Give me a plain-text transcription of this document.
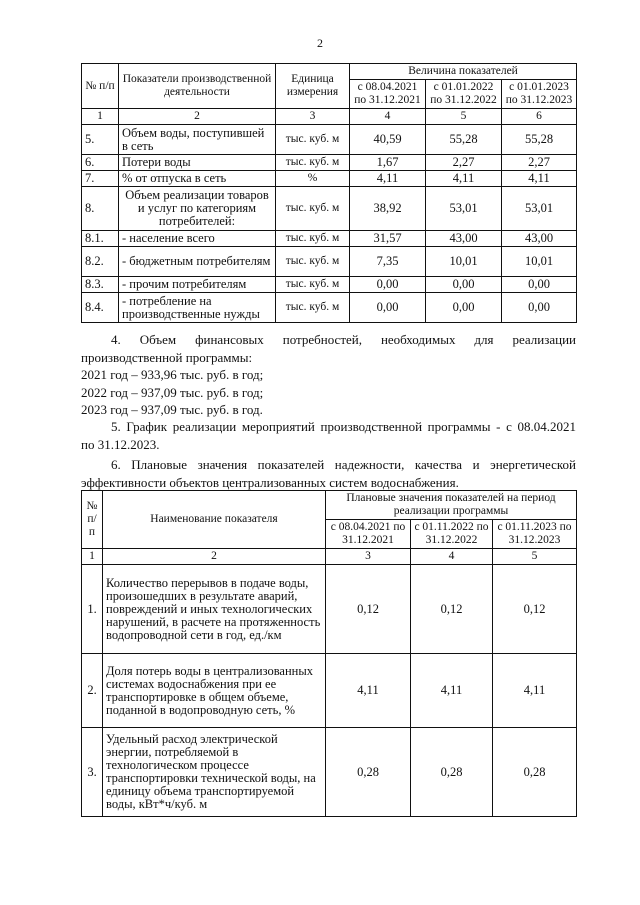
2
№ п/п	Показатели производственной деятельности	Единица измерения	Величина показателей		
			с 08.04.2021 по 31.12.2021	с 01.01.2022 по 31.12.2022	с 01.01.2023 по 31.12.2023
1	2	3	4	5	6
5.	Объем воды, поступившей в сеть	тыс. куб. м	40,59	55,28	55,28
6.	Потери воды	тыс. куб. м	1,67	2,27	2,27
7.	% от отпуска в сеть	%	4,11	4,11	4,11
8.	Объем реализации товаров и услуг по категориям потребителей:	тыс. куб. м	38,92	53,01	53,01
8.1.	- население всего	тыс. куб. м	31,57	43,00	43,00
8.2.	- бюджетным потребителям	тыс. куб. м	7,35	10,01	10,01
8.3.	- прочим потребителям	тыс. куб. м	0,00	0,00	0,00
8.4.	- потребление на производственные нужды	тыс. куб. м	0,00	0,00	0,00
4. Объем финансовых потребностей, необходимых для реализации
производственной программы:
2021 год – 933,96 тыс. руб. в год;
2022 год – 937,09 тыс. руб. в год;
2023 год – 937,09 тыс. руб. в год.
5. График реализации мероприятий производственной программы - с 08.04.2021
по 31.12.2023.
6. Плановые значения показателей надежности, качества и энергетической
эффективности объектов централизованных систем водоснабжения.
№ п/п	Наименование показателя	Плановые значения показателей на период реализации программы		
		с 08.04.2021 по 31.12.2021	с 01.11.2022 по 31.12.2022	с 01.11.2023 по 31.12.2023
1	2	3	4	5
1.	Количество перерывов в подаче воды, произошедших в результате аварий, повреждений и иных технологических нарушений, в расчете на протяженность водопроводной сети в год, ед./км	0,12	0,12	0,12
2.	Доля потерь воды в централизованных системах водоснабжения при ее транспортировке в общем объеме, поданной в водопроводную сеть, %	4,11	4,11	4,11
3.	Удельный расход электрической энергии, потребляемой в технологическом процессе транспортировки технической воды, на единицу объема транспортируемой воды, кВт*ч/куб. м	0,28	0,28	0,28
